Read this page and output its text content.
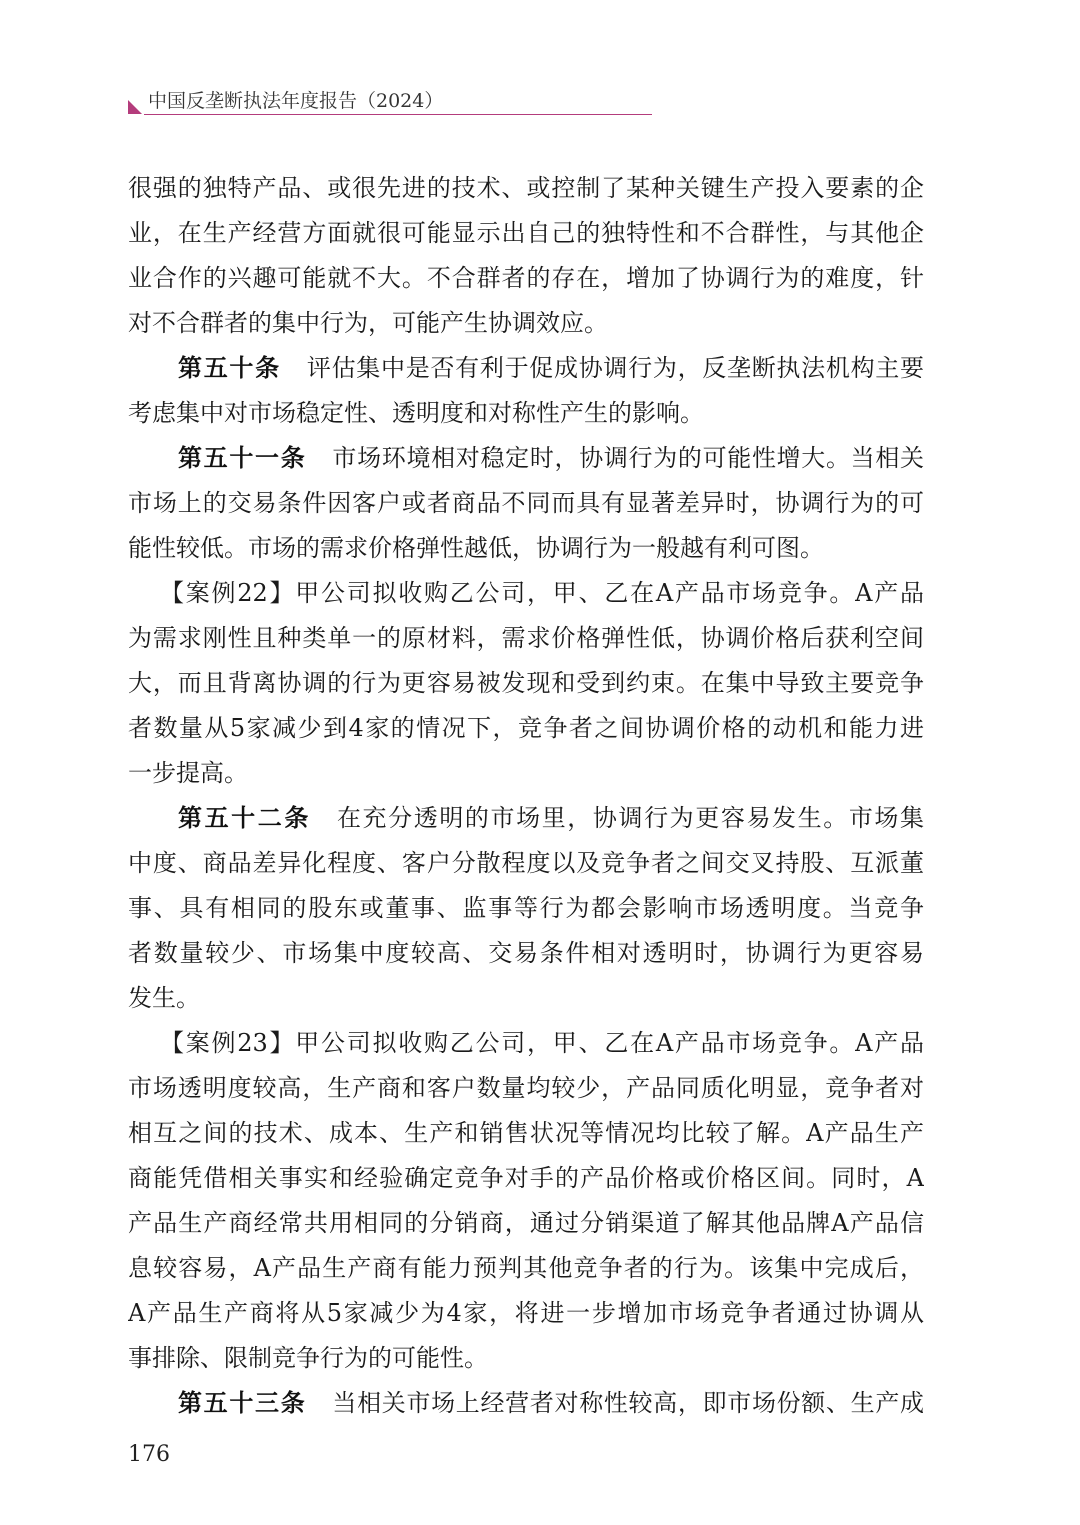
中国反垄断执法年度报告（2024）
很强的独特产品、或很先进的技术、或控制了某种关键生产投入要素的企
业，在生产经营方面就很可能显示出自己的独特性和不合群性，与其他企
业合作的兴趣可能就不大。不合群者的存在，增加了协调行为的难度，针
对不合群者的集中行为，可能产生协调效应。
第五十条 评估集中是否有利于促成协调行为，反垄断执法机构主要
考虑集中对市场稳定性、透明度和对称性产生的影响。
第五十一条 市场环境相对稳定时，协调行为的可能性增大。当相关
市场上的交易条件因客户或者商品不同而具有显著差异时，协调行为的可
能性较低。市场的需求价格弹性越低，协调行为一般越有利可图。
【案例22】甲公司拟收购乙公司，甲、乙在A产品市场竞争。A产品
为需求刚性且种类单一的原材料，需求价格弹性低，协调价格后获利空间
大，而且背离协调的行为更容易被发现和受到约束。在集中导致主要竞争
者数量从5家减少到4家的情况下，竞争者之间协调价格的动机和能力进
一步提高。
第五十二条 在充分透明的市场里，协调行为更容易发生。市场集
中度、商品差异化程度、客户分散程度以及竞争者之间交叉持股、互派董
事、具有相同的股东或董事、监事等行为都会影响市场透明度。当竞争
者数量较少、市场集中度较高、交易条件相对透明时，协调行为更容易
发生。
【案例23】甲公司拟收购乙公司，甲、乙在A产品市场竞争。A产品
市场透明度较高，生产商和客户数量均较少，产品同质化明显，竞争者对
相互之间的技术、成本、生产和销售状况等情况均比较了解。A产品生产
商能凭借相关事实和经验确定竞争对手的产品价格或价格区间。同时，A
产品生产商经常共用相同的分销商，通过分销渠道了解其他品牌A产品信
息较容易，A产品生产商有能力预判其他竞争者的行为。该集中完成后，
A产品生产商将从5家减少为4家，将进一步增加市场竞争者通过协调从
事排除、限制竞争行为的可能性。
第五十三条 当相关市场上经营者对称性较高，即市场份额、生产成
176
